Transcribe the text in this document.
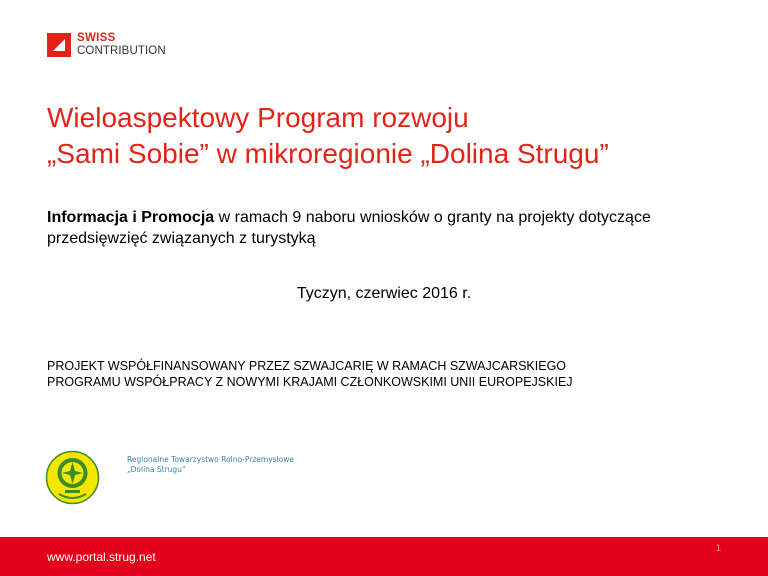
SWISS
CONTRIBUTION
Wieloaspektowy Program rozwoju
„Sami Sobie” w mikroregionie „Dolina Strugu”

Informacja i Promocja w ramach 9 naboru wniosków o granty na projekty dotyczące przedsięwzięć związanych z turystyką

Tyczyn, czerwiec 2016 r.
PROJEKT WSPÓŁFINANSOWANY PRZEZ SZWAJCARIĘ W RAMACH SZWAJCARSKIEGO
PROGRAMU WSPÓŁPRACY Z NOWYMI KRAJAMI CZŁONKOWSKIMI UNII EUROPEJSKIEJ
Regionalne Towarzystwo Rolno-Przemysłowe
„Dolina Strugu”
www.portal.strug.net
1
